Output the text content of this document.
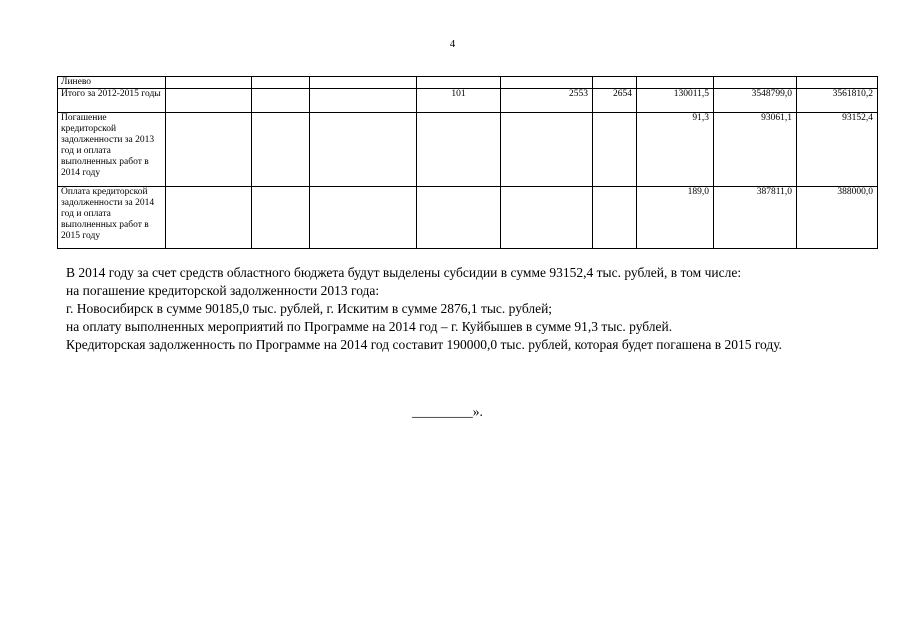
4
Линево									
Итого за 2012-2015 годы				101	2553	2654	130011,5	3548799,0	3561810,2
Погашение кредиторской задолженности за 2013 год и оплата выполненных работ в 2014 году							91,3	93061,1	93152,4
Оплата кредиторской задолженности за 2014 год и оплата выполненных работ в 2015 году							189,0	387811,0	388000,0
В 2014 году за счет средств областного бюджета будут выделены субсидии в сумме 93152,4 тыс. рублей, в том числе:
на погашение кредиторской задолженности 2013 года:
г. Новосибирск в сумме 90185,0 тыс. рублей, г. Искитим в сумме 2876,1 тыс. рублей;
на оплату выполненных мероприятий по Программе на 2014 год – г. Куйбышев в сумме 91,3 тыс. рублей.
Кредиторская задолженность по Программе на 2014 год составит 190000,0 тыс. рублей, которая будет погашена в 2015 году.
_________».
